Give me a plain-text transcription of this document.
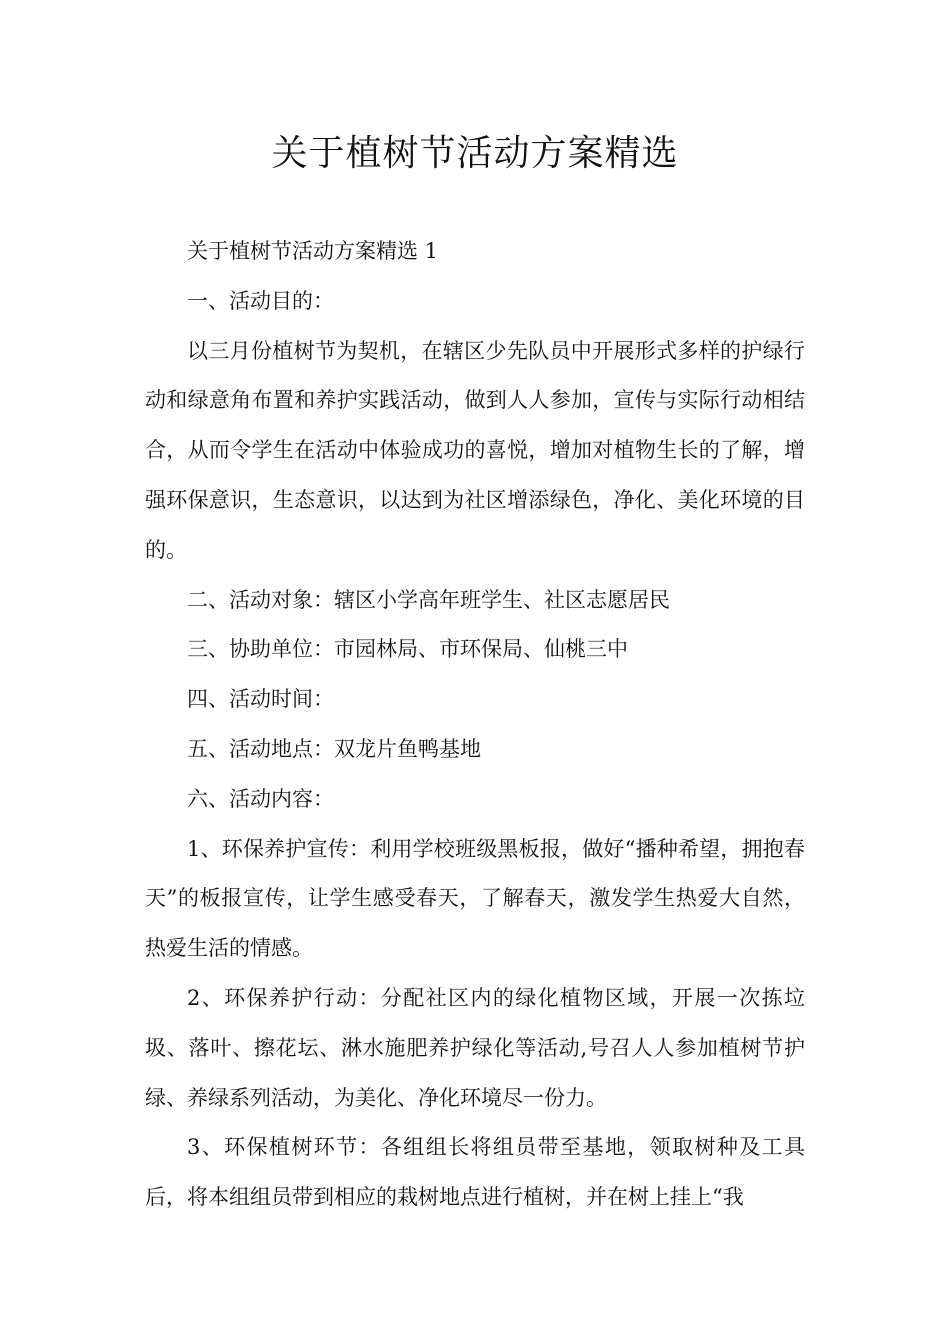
关于植树节活动方案精选

关于植树节活动方案精选 1

一、活动目的：

以三月份植树节为契机，在辖区少先队员中开展形式多样的护绿行动和绿意角布置和养护实践活动，做到人人参加，宣传与实际行动相结合，从而令学生在活动中体验成功的喜悦，增加对植物生长的了解，增强环保意识，生态意识，以达到为社区增添绿色，净化、美化环境的目的。

二、活动对象：辖区小学高年班学生、社区志愿居民

三、协助单位：市园林局、市环保局、仙桃三中

四、活动时间：

五、活动地点：双龙片鱼鸭基地

六、活动内容：

1、环保养护宣传：利用学校班级黑板报，做好“播种希望，拥抱春天”的板报宣传，让学生感受春天，了解春天，激发学生热爱大自然，热爱生活的情感。

2、环保养护行动：分配社区内的绿化植物区域，开展一次拣垃圾、落叶、擦花坛、淋水施肥养护绿化等活动,号召人人参加植树节护绿、养绿系列活动，为美化、净化环境尽一份力。

3、环保植树环节：各组组长将组员带至基地，领取树种及工具后，将本组组员带到相应的栽树地点进行植树，并在树上挂上“我
